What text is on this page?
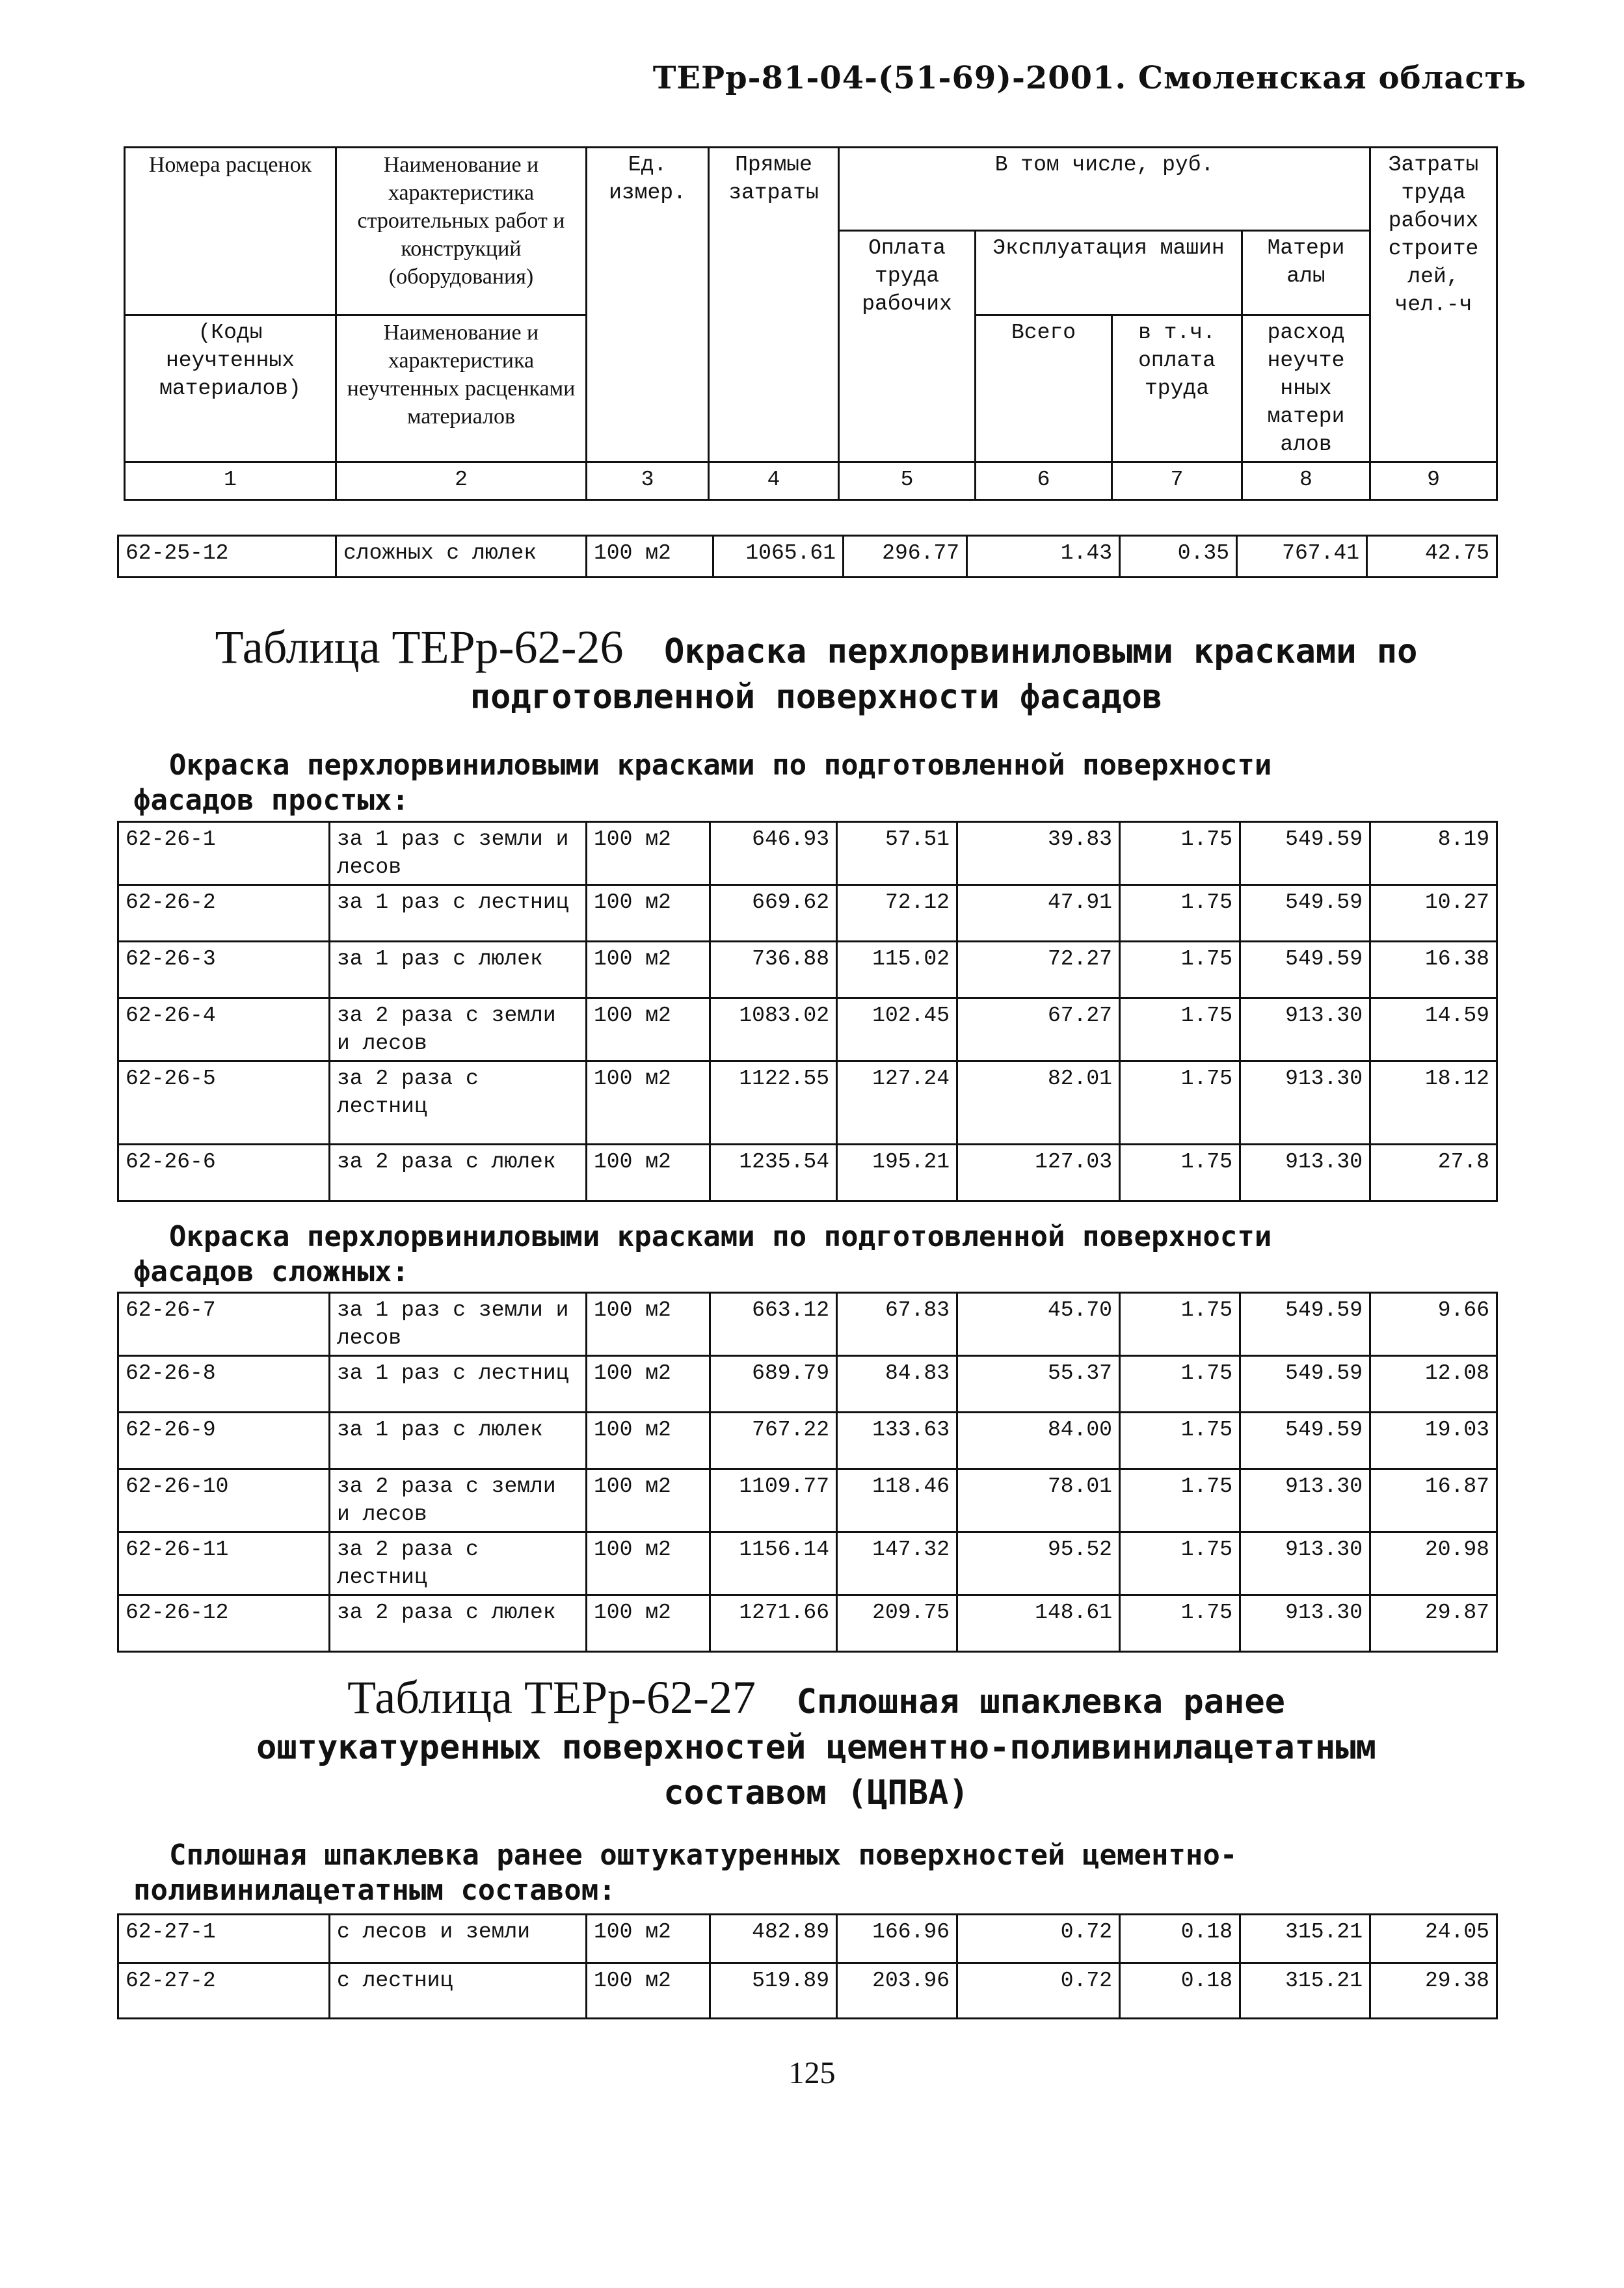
ТЕРр-81-04-(51-69)-2001. Смоленская область
Номера расценок	Наименование и характеристика строительных работ и конструкций (оборудования)	Ед. измер.	Прямые затраты	В том числе, руб.				Затраты труда рабочих строите лей, чел.-ч
				Оплата труда рабочих	Эксплуатация машин		Матери алы	
(Коды неучтенных материалов)	Наименование и характеристика неучтенных расценками материалов				Всего	в т.ч. оплата труда	расход неучте нных матери алов	
1	2	3	4	5	6	7	8	9
62-25-12	сложных с люлек	100 м2	1065.61	296.77	1.43	0.35	767.41	42.75
Таблица ТЕРр-62-26 Окраска перхлорвиниловыми красками по
подготовленной поверхности фасадов
Окраска перхлорвиниловыми красками по подготовленной поверхности
фасадов простых:
62-26-1	за 1 раз с земли и лесов	100 м2	646.93	57.51	39.83	1.75	549.59	8.19
62-26-2	за 1 раз с лестниц	100 м2	669.62	72.12	47.91	1.75	549.59	10.27
62-26-3	за 1 раз с люлек	100 м2	736.88	115.02	72.27	1.75	549.59	16.38
62-26-4	за 2 раза с земли и лесов	100 м2	1083.02	102.45	67.27	1.75	913.30	14.59
62-26-5	за 2 раза с лестниц	100 м2	1122.55	127.24	82.01	1.75	913.30	18.12
62-26-6	за 2 раза с люлек	100 м2	1235.54	195.21	127.03	1.75	913.30	27.8
Окраска перхлорвиниловыми красками по подготовленной поверхности
фасадов сложных:
62-26-7	за 1 раз с земли и лесов	100 м2	663.12	67.83	45.70	1.75	549.59	9.66
62-26-8	за 1 раз с лестниц	100 м2	689.79	84.83	55.37	1.75	549.59	12.08
62-26-9	за 1 раз с люлек	100 м2	767.22	133.63	84.00	1.75	549.59	19.03
62-26-10	за 2 раза с земли и лесов	100 м2	1109.77	118.46	78.01	1.75	913.30	16.87
62-26-11	за 2 раза с лестниц	100 м2	1156.14	147.32	95.52	1.75	913.30	20.98
62-26-12	за 2 раза с люлек	100 м2	1271.66	209.75	148.61	1.75	913.30	29.87
Таблица ТЕРр-62-27 Сплошная шпаклевка ранее
оштукатуренных поверхностей цементно-поливинилацетатным
составом (ЦПВА)
Сплошная шпаклевка ранее оштукатуренных поверхностей цементно-
поливинилацетатным составом:
62-27-1	с лесов и земли	100 м2	482.89	166.96	0.72	0.18	315.21	24.05
62-27-2	с лестниц	100 м2	519.89	203.96	0.72	0.18	315.21	29.38
125
